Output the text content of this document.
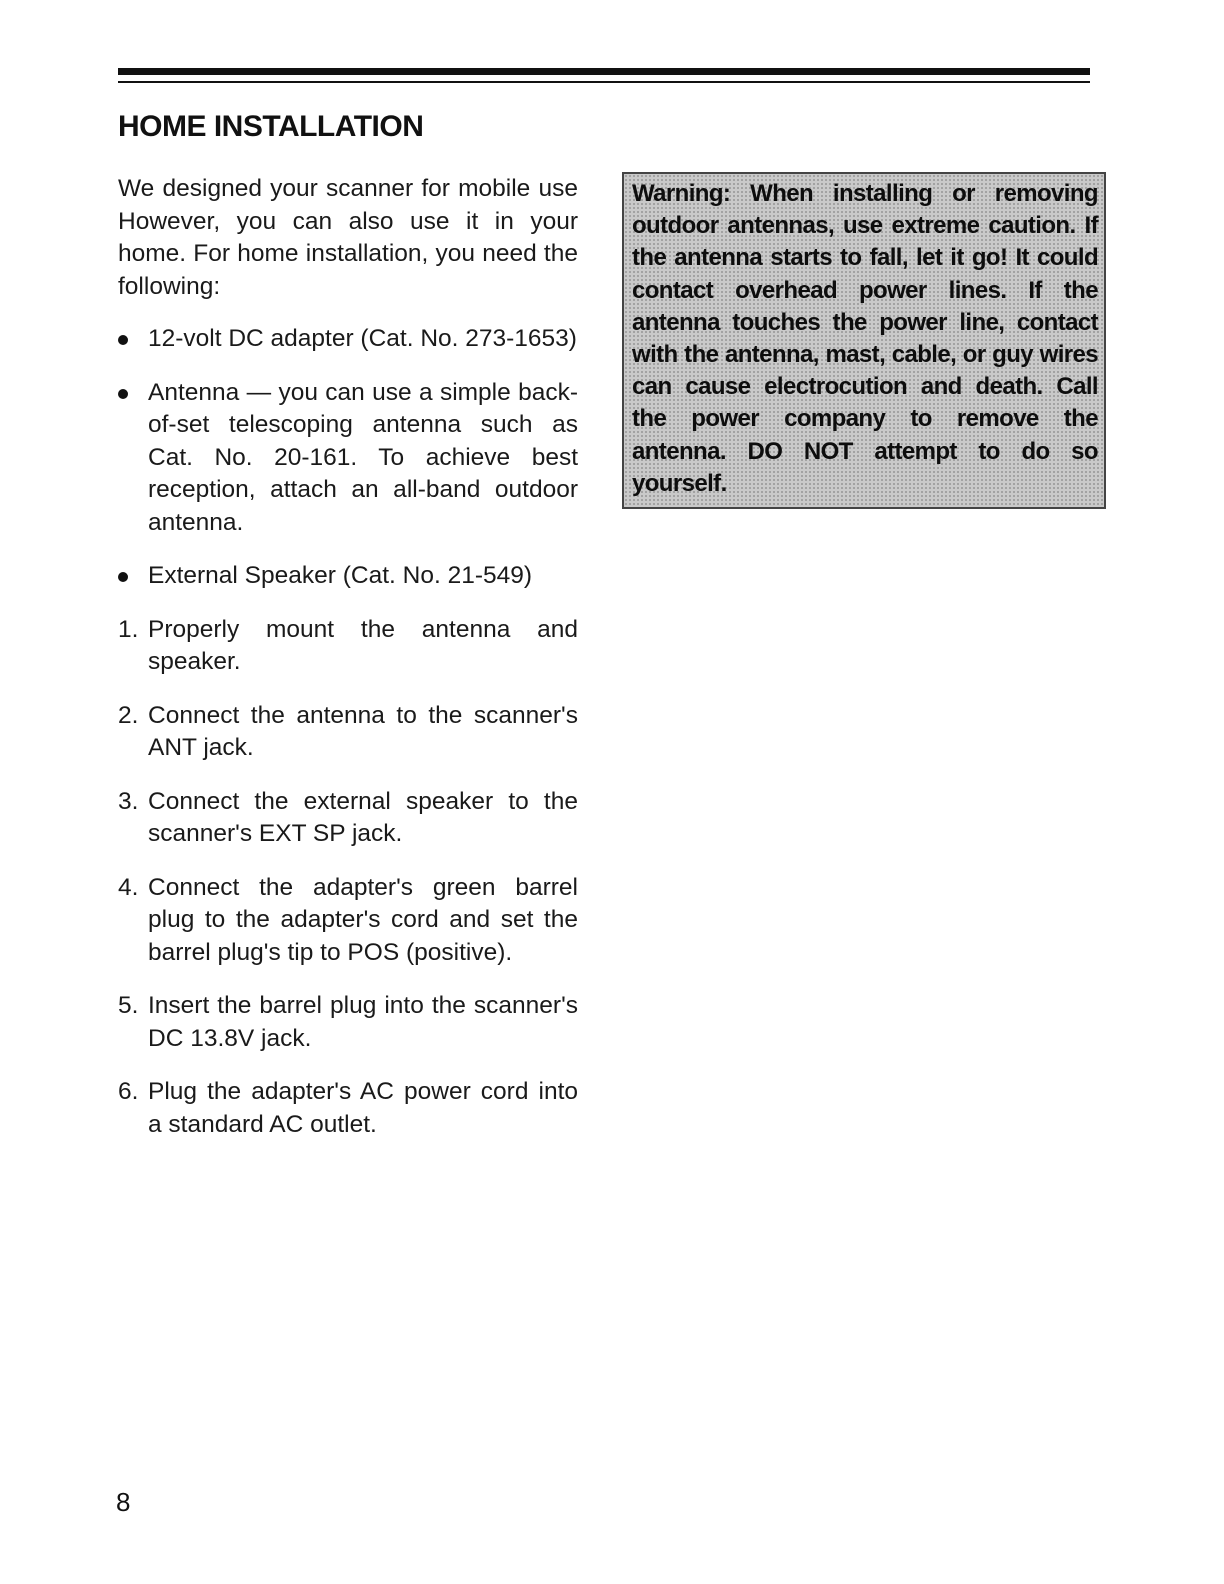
HOME INSTALLATION

We designed your scanner for mobile use However, you can also use it in your home. For home installation, you need the following:

12-volt DC adapter (Cat. No. 273-1653)
Antenna — you can use a simple back-of-set telescoping antenna such as Cat. No. 20-161. To achieve best reception, attach an all-band outdoor antenna.
External Speaker (Cat. No. 21-549)
1. Properly mount the antenna and speaker.
2. Connect the antenna to the scanner's ANT jack.
3. Connect the external speaker to the scanner's EXT SP jack.
4. Connect the adapter's green barrel plug to the adapter's cord and set the barrel plug's tip to POS (positive).
5. Insert the barrel plug into the scanner's DC 13.8V jack.
6. Plug the adapter's AC power cord into a standard AC outlet.
Warning: When installing or removing outdoor antennas, use extreme caution. If the antenna starts to fall, let it go! It could contact overhead power lines. If the antenna touches the power line, contact with the antenna, mast, cable, or guy wires can cause electrocution and death. Call the power company to remove the antenna. DO NOT attempt to do so yourself.
8
